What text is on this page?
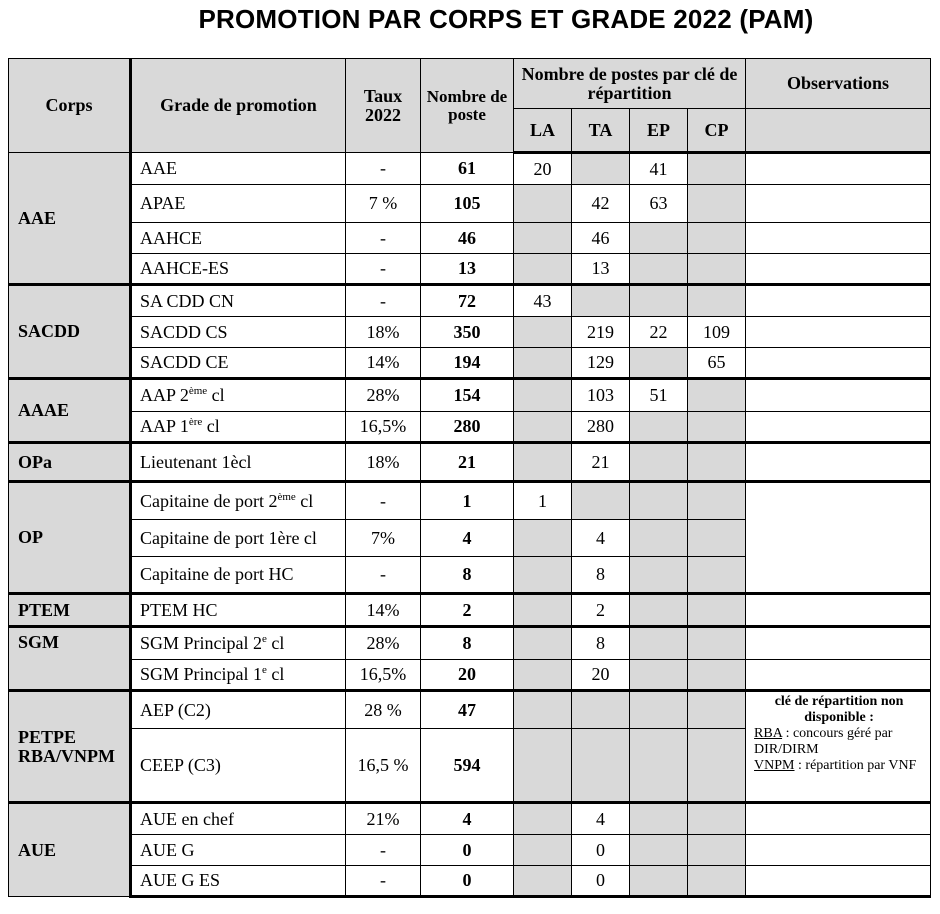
PROMOTION PAR CORPS ET GRADE 2022 (PAM)
Corps	Grade de promotion	Taux 2022	Nombre de poste	Nombre de postes par clé de répartition				Observations
				LA	TA	EP	CP	
AAE	AAE	-	61	20		41		
	APAE	7 %	105		42	63		
	AAHCE	-	46		46			
	AAHCE-ES	-	13		13			
SACDD	SA CDD CN	-	72	43				
	SACDD CS	18%	350		219	22	109	
	SACDD CE	14%	194		129		65	
AAAE	AAP 2ème cl	28%	154		103	51		
	AAP 1ère cl	16,5%	280		280			
OPa	Lieutenant 1ècl	18%	21		21			
OP	Capitaine de port 2ème cl	-	1	1				
	Capitaine de port 1ère cl	7%	4		4			
	Capitaine de port HC	-	8		8			
PTEM	PTEM HC	14%	2		2			
SGM	SGM Principal 2e cl	28%	8		8			
	SGM Principal 1e cl	16,5%	20		20			
PETPE RBA/VNPM	AEP (C2)	28 %	47					clé de répartition non disponible :
RBA : concours géré par DIR/DIRM
VNPM : répartition par VNF
	CEEP (C3)	16,5 %	594					
AUE	AUE en chef	21%	4		4			
	AUE G	-	0		0			
	AUE G ES	-	0		0			
